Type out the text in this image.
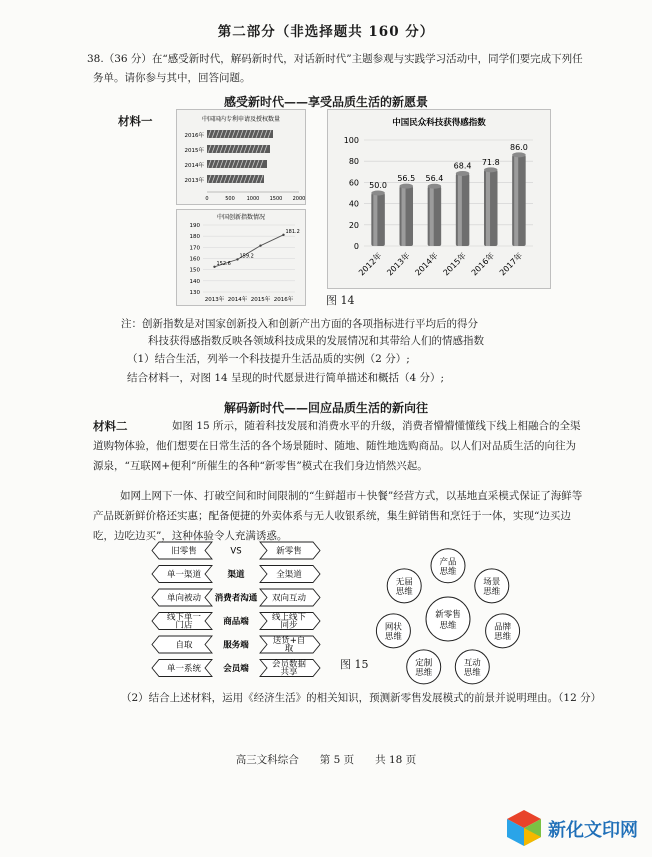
第二部分（非选择题共 160 分）
38.（36 分）在“感受新时代，解码新时代，对话新时代”主题参观与实践学习活动中，同学们要完成下列任务单。请你参与其中，回答问题。
感受新时代——享受品质生活的新愿景
材料一	中国国内专利申请及授权数量
2016年
2015年
2014年
2013年
0	500 1000 1500 2000
中国创新指数情况
190
180
170
160
150
140
130
152.6
2013年
159.2
2014年 2015年
181.2
2016年
中国民众科技获得感指数
0
20
40
60
80
100
50.0
2012年
56.5
2013年
56.4
2014年
68.4
2015年
71.8
2016年
86.0
2017年
图 14
注：创新指数是对国家创新投入和创新产出方面的各项指标进行平均后的得分
科技获得感指数反映各领域科技成果的发展情况和其带给人们的情感指数
（1）结合生活，列举一个科技提升生活品质的实例（2 分）;
结合材料一，对图 14 呈现的时代愿景进行简单描述和概括（4 分）;
解码新时代——回应品质生活的新向往
材料二	如图 15 所示，随着科技发展和消费水平的升级，消费者懵懵懂懂线下线上相融合的全渠道购物体验，他们想要在日常生活的各个场景随时、随地、随性地选购商品。以人们对品质生活的向往为源泉，“互联网+便利”所催生的各种“新零售”模式在我们身边悄然兴起。
如网上网下一体、打破空间和时间限制的“生鲜超市＋快餐”经营方式，以基地直采模式保证了海鲜等产品既新鲜价格还实惠；配备便捷的外卖体系与无人收银系统，集生鲜销售和烹饪于一体，实现“边买边吃，边吃边买”，这种体验令人充满诱惑。
旧零售	VS	新零售
单一渠道	渠道	全渠道
单向被动 消费者沟通 双向互动
线下单一
门店	商品端	线上线下
同步
自取	服务端	送货+自
取
单一系统	会员端	会员数据
共享
新零售
思维
产品
思维
场景
思维
品牌
思维
互动
思维
定制
思维
网状
思维
无届
思维
图 15
（2）结合上述材料，运用《经济生活》的相关知识，预测新零售发展模式的前景并说明理由。（12 分）
高三文科综合　　第 5 页　　共 18 页
新化文印网
